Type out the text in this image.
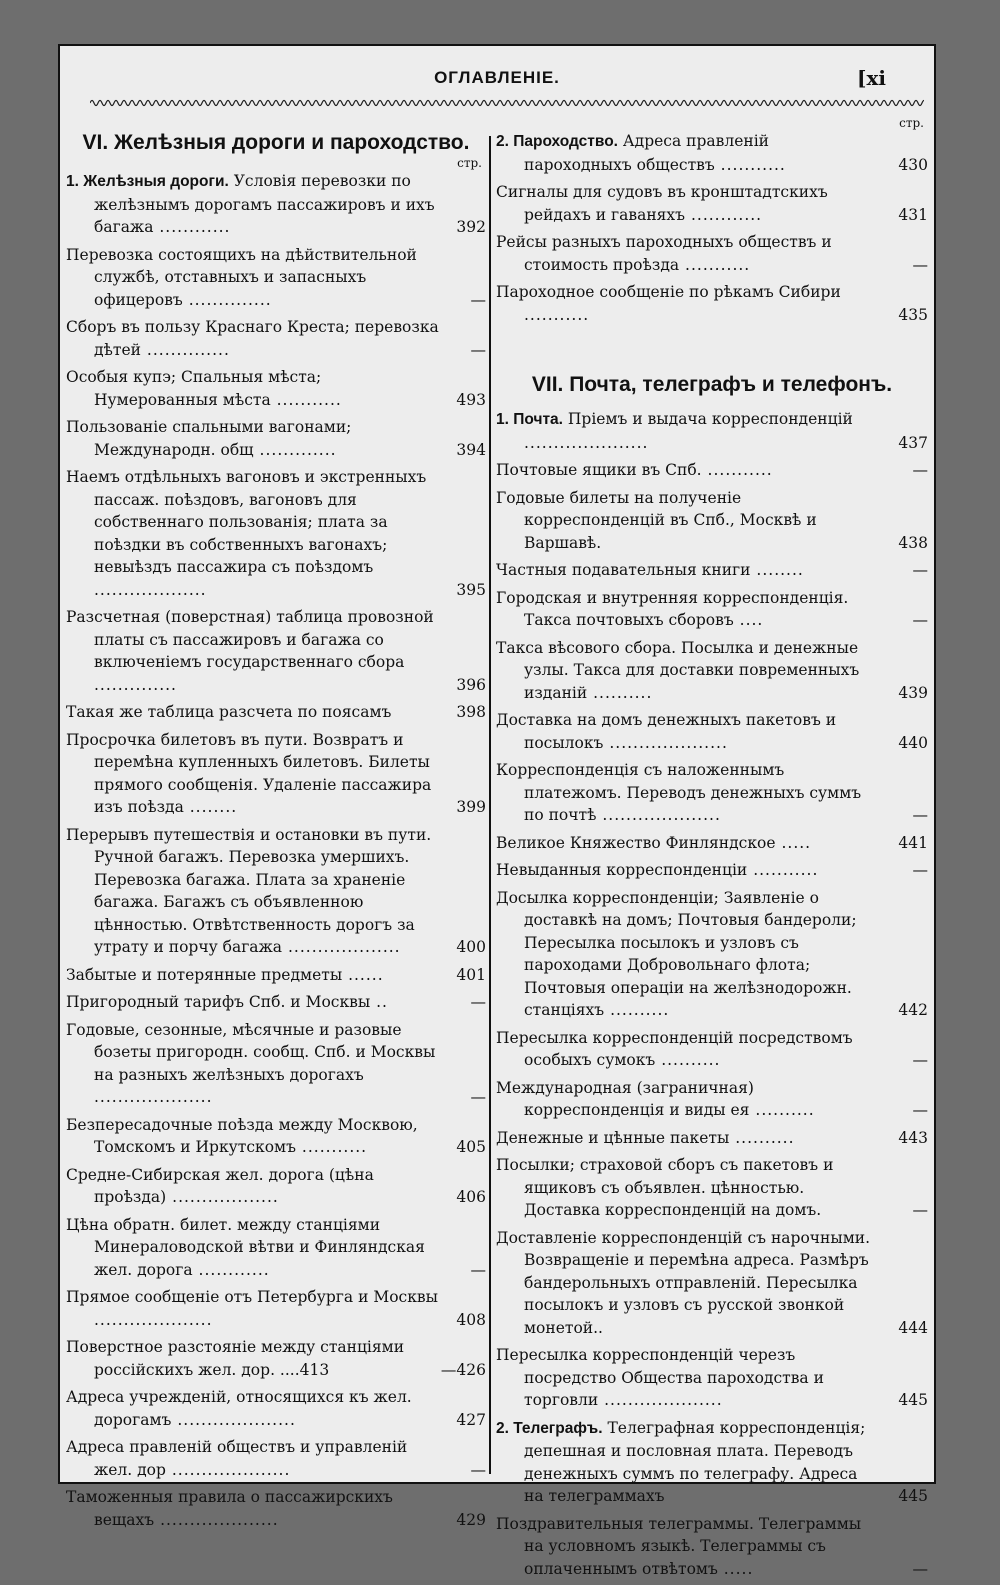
ОГЛАВЛЕНІЕ.	[xi
VI. Желѣзныя дороги и пароходство.
стр.
1. Желѣзныя дороги. Условія перевозки по желѣзнымъ дорогамъ пассажировъ и ихъ багажа ............	392
Перевозка состоящихъ на дѣйствительной службѣ, отставныхъ и запасныхъ офицеровъ ..............	—
Сборъ въ пользу Краснаго Креста; перевозка дѣтей ..............	—
Особыя купэ; Спальныя мѣста; Нумерованныя мѣста ...........	493
Пользованіе спальными вагонами; Международн. общ .............	394
Наемъ отдѣльныхъ вагоновъ и экстренныхъ пассаж. поѣздовъ, вагоновъ для собственнаго пользованія; плата за поѣздки въ собственныхъ вагонахъ; невыѣздъ пассажира съ поѣздомъ ...................	395
Разсчетная (поверстная) таблица провозной платы съ пассажировъ и багажа со включеніемъ государственнаго сбора ..............	396
Такая же таблица разсчета по поясамъ	398
Просрочка билетовъ въ пути. Возвратъ и перемѣна купленныхъ билетовъ. Билеты прямого сообщенія. Удаленіе пассажира изъ поѣзда ........	399
Перерывъ путешествія и остановки въ пути. Ручной багажъ. Перевозка умершихъ. Перевозка багажа. Плата за храненіе багажа. Багажъ съ объявленною цѣнностью. Отвѣтственность дорогъ за утрату и порчу багажа ...................	400
Забытые и потерянные предметы ......	401
Пригородный тарифъ Спб. и Москвы ..	—
Годовые, сезонные, мѣсячные и разовые бозеты пригородн. сообщ. Спб. и Москвы на разныхъ желѣзныхъ дорогахъ ....................	—
Безпересадочные поѣзда между Москвою, Томскомъ и Иркутскомъ ...........	405
Средне-Сибирская жел. дорога (цѣна проѣзда) ..................	406
Цѣна обратн. билет. между станціями Минераловодской вѣтви и Финляндская жел. дорога ............	—
Прямое сообщеніе отъ Петербурга и Москвы ....................	408
Поверстное разстояніе между станціями россійскихъ жел. дор. ....413	—426
Адреса учрежденій, относящихся къ жел. дорогамъ ....................	427
Адреса правленій обществъ и управленій жел. дор ....................	—
Таможенныя правила о пассажирскихъ вещахъ ....................	429
стр.
2. Пароходство. Адреса правленій пароходныхъ обществъ ...........	430
Сигналы для судовъ въ кронштадтскихъ рейдахъ и гаваняхъ ............	431
Рейсы разныхъ пароходныхъ обществъ и стоимость проѣзда ...........	—
Пароходное сообщеніе по рѣкамъ Сибири ...........	435
VII. Почта, телеграфъ и телефонъ.
1. Почта. Пріемъ и выдача корреспонденцій .....................	437
Почтовые ящики въ Спб. ...........	—
Годовые билеты на полученіе корреспонденцій въ Спб., Москвѣ и Варшавѣ.	438
Частныя подавательныя книги ........	—
Городская и внутренняя корреспонденція. Такса почтовыхъ сборовъ ....	—
Такса вѣсового сбора. Посылка и денежные узлы. Такса для доставки повременныхъ изданій ..........	439
Доставка на домъ денежныхъ пакетовъ и посылокъ ....................	440
Корреспонденція съ наложеннымъ платежомъ. Переводъ денежныхъ суммъ по почтѣ ....................	—
Великое Княжество Финляндское .....	441
Невыданныя корреспонденціи ...........	—
Досылка корреспонденціи; Заявленіе о доставкѣ на домъ; Почтовыя бандероли; Пересылка посылокъ и узловъ съ пароходами Добровольнаго флота; Почтовыя операціи на желѣзнодорожн. станціяхъ ..........	442
Пересылка корреспонденцій посредствомъ особыхъ сумокъ ..........	—
Международная (заграничная) корреспонденція и виды ея ..........	—
Денежные и цѣнные пакеты ..........	443
Посылки; страховой сборъ съ пакетовъ и ящиковъ съ объявлен. цѣнностью. Доставка корреспонденцій на домъ.	—
Доставленіе корреспонденцій съ нарочными. Возвращеніе и перемѣна адреса. Размѣръ бандерольныхъ отправленій. Пересылка посылокъ и узловъ съ русской звонкой монетой..	444
Пересылка корреспонденцій черезъ посредство Общества пароходства и торговли ....................	445
2. Телеграфъ. Телеграфная корреспонденція; депешная и пословная плата. Переводъ денежныхъ суммъ по телеграфу. Адреса на телеграммахъ	445
Поздравительныя телеграммы. Телеграммы на условномъ языкѣ. Телеграммы съ оплаченнымъ отвѣтомъ .....	—
